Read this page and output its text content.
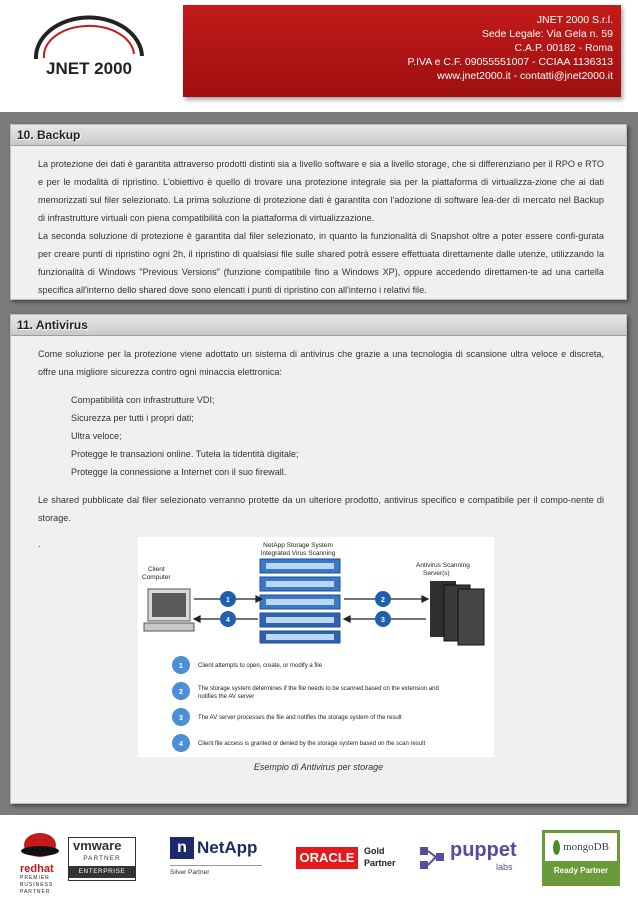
JNET 2000
JNET 2000 S.r.l.
Sede Legale: Via Gela n. 59
C.A.P. 00182 - Roma
P.IVA e C.F. 09055551007 - CCIAA 1136313
www.jnet2000.it - contatti@jnet2000.it
10. Backup

La protezione dei dati è garantita attraverso prodotti distinti sia a livello software e sia a livello storage, che si differenziano per il RPO e RTO e per le modalità di ripristino. L'obiettivo è quello di trovare una protezione integrale sia per la piattaforma di virtualizza-zione che ai dati memorizzati sul filer selezionato. La prima soluzione di protezione dati è garantita con l'adozione di software lea-der di mercato nel Backup di infrastrutture virtuali con piena compatibilità con la piattaforma di virtualizzazione.

La seconda soluzione di protezione è garantita dal filer selezionato, in quanto la funzionalità di Snapshot oltre a poter essere confi-gurata per creare punti di ripristino ogni 2h, il ripristino di qualsiasi file sulle shared potrà essere effettuata direttamente dalle utenze, utilizzando la funzionalità di Windows "Previous Versions" (funzione compatibile fino a Windows XP), oppure accedendo direttamen-te ad una cartella specifica all'interno dello shared dove sono elencati i punti di ripristino con all'interno i relativi file.

11. Antivirus

Come soluzione per la protezione viene adottato un sistema di antivirus che grazie a una tecnologia di scansione ultra veloce e discreta, offre una migliore sicurezza contro ogni minaccia elettronica:

Compatibilità con infrastrutture VDI;
Sicurezza per tutti i propri dati;
Ultra veloce;
Protegge le transazioni online. Tutela la tidentità digitale;
Protegge la connessione a Internet con il suo firewall.

Le shared pubblicate dal filer selezionato verranno protette da un ulteriore prodotto, antivirus specifico e compatibile per il compo-nente di storage.

.	NetApp Storage System
Integrated Virus Scanning
Client
Computer
Antivirus Scanning
Server(s)
1
4
2
3
1	Client attempts to open, create, or modify a file
2	The storage system determines if the file needs to be scanned based on the extension and
notifies the AV server
3	The AV server processes the file and notifies the storage system of the result
4	Client file access is granted or denied by the storage system based on the scan result
Esempio di Antivirus per storage
redhat
PREMIER
BUSINESS
PARTNER
vmware
PARTNER
ENTERPRISE
n NetApp
Silver Partner
ORACLE	Gold
Partner
puppet
labs
mongoDB
Ready Partner
